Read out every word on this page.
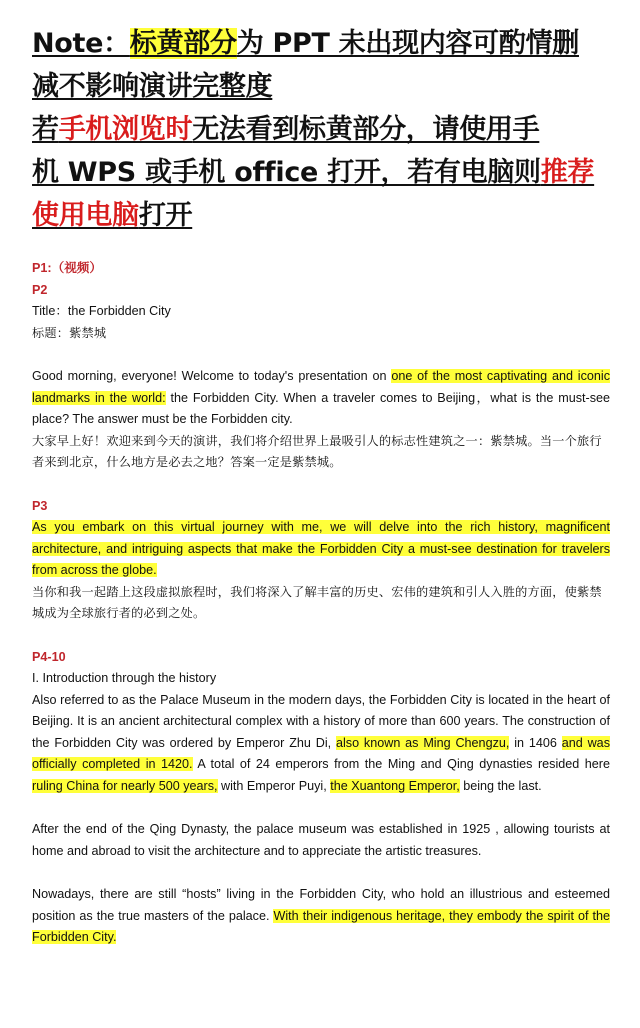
Note：标黄部分为 PPT 未出现内容可酌情删
减不影响演讲完整度
若手机浏览时无法看到标黄部分，请使用手
机 WPS 或手机 office 打开，若有电脑则推荐
使用电脑打开

P1:（视频）

P2

Title：the Forbidden City

标题：紫禁城

Good morning, everyone! Welcome to today's presentation on one of the most captivating and iconic landmarks in the world: the Forbidden City. When a traveler comes to Beijing，what is the must-see place? The answer must be the Forbidden city.

大家早上好！欢迎来到今天的演讲，我们将介绍世界上最吸引人的标志性建筑之一：紫禁城。当一个旅行者来到北京，什么地方是必去之地？答案一定是紫禁城。

P3

As you embark on this virtual journey with me, we will delve into the rich history, magnificent architecture, and intriguing aspects that make the Forbidden City a must-see destination for travelers from across the globe.

当你和我一起踏上这段虚拟旅程时，我们将深入了解丰富的历史、宏伟的建筑和引人入胜的方面，使紫禁城成为全球旅行者的必到之处。

P4-10

I. Introduction through the history

Also referred to as the Palace Museum in the modern days, the Forbidden City is located in the heart of Beijing. It is an ancient architectural complex with a history of more than 600 years. The construction of the Forbidden City was ordered by Emperor Zhu Di, also known as Ming Chengzu, in 1406 and was officially completed in 1420. A total of 24 emperors from the Ming and Qing dynasties resided here ruling China for nearly 500 years, with Emperor Puyi, the Xuantong Emperor, being the last.

After the end of the Qing Dynasty, the palace museum was established in 1925 , allowing tourists at home and abroad to visit the architecture and to appreciate the artistic treasures.

Nowadays, there are still “hosts” living in the Forbidden City, who hold an illustrious and esteemed position as the true masters of the palace. With their indigenous heritage, they embody the spirit of the Forbidden City.
